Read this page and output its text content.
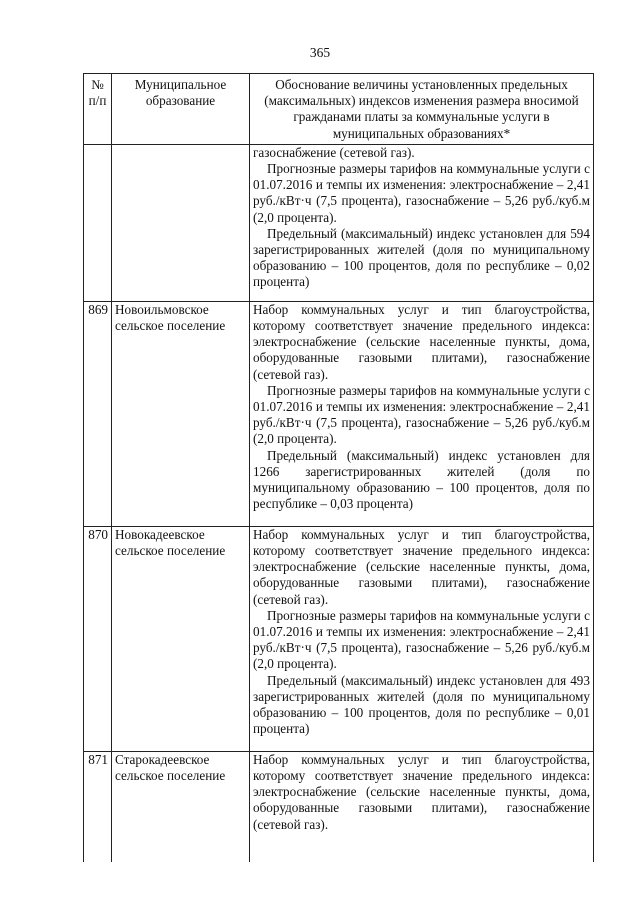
365
№ п/п	Муниципальное образование	Обоснование величины установленных предельных (максимальных) индексов изменения размера вносимой гражданами платы за коммунальные услуги в муниципальных образованиях*

		газоснабжение (сетевой газ).

Прогнозные размеры тарифов на коммунальные услуги с 01.07.2016 и темпы их изменения: электроснабжение – 2,41 руб./кВт·ч (7,5 процента), газоснабжение – 5,26 руб./куб.м (2,0 процента).

Предельный (максимальный) индекс установлен для 594 зарегистрированных жителей (доля по муниципальному образованию – 100 процентов, доля по республике – 0,02 процента)

869	Новоильмовское сельское поселение	Набор коммунальных услуг и тип благоустройства, которому соответствует значение предельного индекса: электроснабжение (сельские населенные пункты, дома, оборудованные газовыми плитами), газоснабжение (сетевой газ).

Прогнозные размеры тарифов на коммунальные услуги с 01.07.2016 и темпы их изменения: электроснабжение – 2,41 руб./кВт·ч (7,5 процента), газоснабжение – 5,26 руб./куб.м (2,0 процента).

Предельный (максимальный) индекс установлен для 1266 зарегистрированных жителей (доля по муниципальному образованию – 100 процентов, доля по республике – 0,03 процента)

870	Новокадеевское сельское поселение	Набор коммунальных услуг и тип благоустройства, которому соответствует значение предельного индекса: электроснабжение (сельские населенные пункты, дома, оборудованные газовыми плитами), газоснабжение (сетевой газ).

Прогнозные размеры тарифов на коммунальные услуги с 01.07.2016 и темпы их изменения: электроснабжение – 2,41 руб./кВт·ч (7,5 процента), газоснабжение – 5,26 руб./куб.м (2,0 процента).

Предельный (максимальный) индекс установлен для 493 зарегистрированных жителей (доля по муниципальному образованию – 100 процентов, доля по республике – 0,01 процента)

871	Старокадеевское сельское поселение	Набор коммунальных услуг и тип благоустройства, которому соответствует значение предельного индекса: электроснабжение (сельские населенные пункты, дома, оборудованные газовыми плитами), газоснабжение (сетевой газ).
